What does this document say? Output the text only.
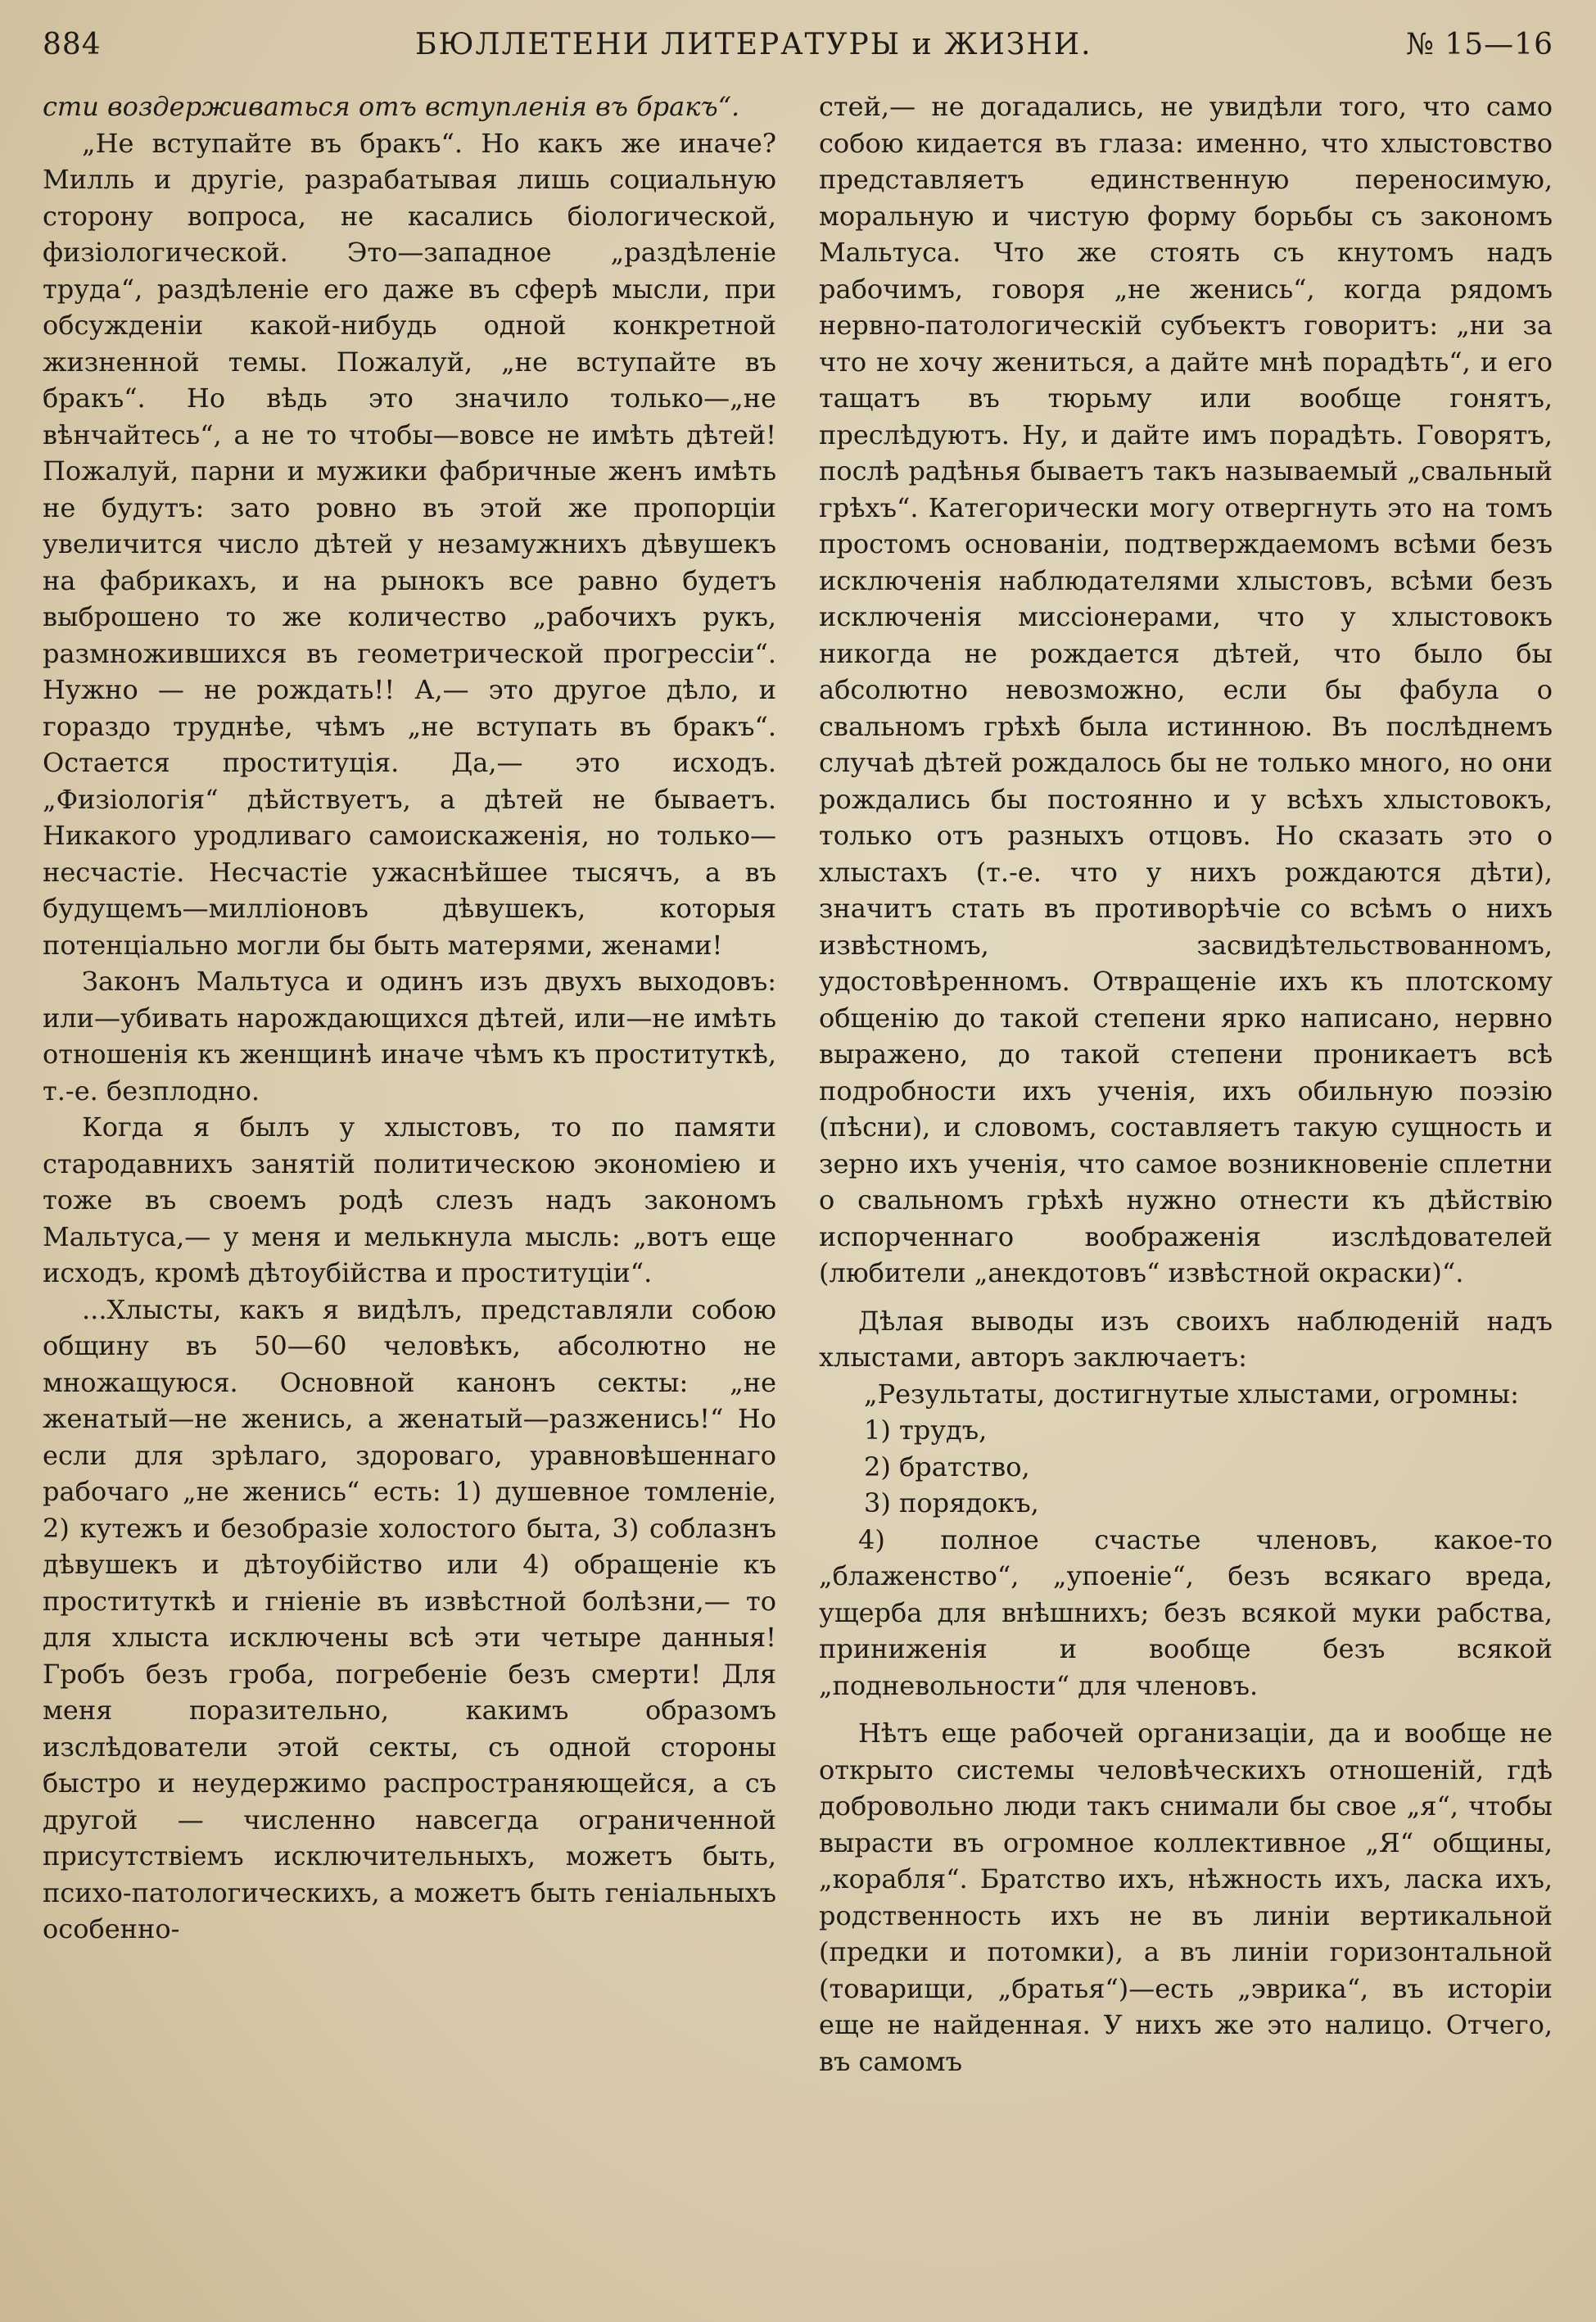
884	БЮЛЛЕТЕНИ ЛИТЕРАТУРЫ и ЖИЗНИ.	№ 15—16

сти воздерживаться отъ вступленія въ бракъ“.

„Не вступайте въ бракъ“. Но какъ же иначе? Милль и другіе, разрабатывая лишь социальную сторону вопроса, не касались біологической, физіологической. Это—западное „раздѣленіе труда“, раздѣленіе его даже въ сферѣ мысли, при обсужденіи какой-нибудь одной конкретной жизненной темы. Пожалуй, „не вступайте въ бракъ“. Но вѣдь это значило только—„не вѣнчайтесь“, а не то чтобы—вовсе не имѣть дѣтей! Пожалуй, парни и мужики фабричные женъ имѣть не будутъ: зато ровно въ этой же пропорціи увеличится число дѣтей у незамужнихъ дѣвушекъ на фабрикахъ, и на рынокъ все равно будетъ выброшено то же количество „рабочихъ рукъ, размножившихся въ геометрической прогрессіи“. Нужно — не рождать!! А,— это другое дѣло, и гораздо труднѣе, чѣмъ „не вступать въ бракъ“. Остается проституція. Да,— это исходъ. „Физіологія“ дѣйствуетъ, а дѣтей не бываетъ. Никакого уродливаго самоискаженія, но только—несчастіе. Несчастіе ужаснѣйшее тысячъ, а въ будущемъ—милліоновъ дѣвушекъ, которыя потенціально могли бы быть матерями, женами!

Законъ Мальтуса и одинъ изъ двухъ выходовъ: или—убивать нарождающихся дѣтей, или—не имѣть отношенія къ женщинѣ иначе чѣмъ къ проституткѣ, т.-е. безплодно.

Когда я былъ у хлыстовъ, то по памяти стародавнихъ занятій политическою экономіею и тоже въ своемъ родѣ слезъ надъ закономъ Мальтуса,— у меня и мелькнула мысль: „вотъ еще исходъ, кромѣ дѣтоубійства и проституціи“.

...Хлысты, какъ я видѣлъ, представляли собою общину въ 50—60 человѣкъ, абсолютно не множащуюся. Основной канонъ секты: „не женатый—не женись, а женатый—разженись!“ Но если для зрѣлаго, здороваго, уравновѣшеннаго рабочаго „не женись“ есть: 1) душевное томленіе, 2) кутежъ и безобразіе холостого быта, 3) соблазнъ дѣвушекъ и дѣтоубійство или 4) обращеніе къ проституткѣ и гніеніе въ извѣстной болѣзни,— то для хлыста исключены всѣ эти четыре данныя! Гробъ безъ гроба, погребеніе безъ смерти! Для меня поразительно, какимъ образомъ изслѣдователи этой секты, съ одной стороны быстро и неудержимо распространяющейся, а съ другой — численно навсегда ограниченной присутствіемъ исключительныхъ, можетъ быть, психо-патологическихъ, а можетъ быть геніальныхъ особенно-

стей,— не догадались, не увидѣли того, что само собою кидается въ глаза: именно, что хлыстовство представляетъ единственную переносимую, моральную и чистую форму борьбы съ закономъ Мальтуса. Что же стоять съ кнутомъ надъ рабочимъ, говоря „не женись“, когда рядомъ нервно-патологическій субъектъ говоритъ: „ни за что не хочу жениться, а дайте мнѣ порадѣть“, и его тащатъ въ тюрьму или вообще гонятъ, преслѣдуютъ. Ну, и дайте имъ порадѣть. Говорятъ, послѣ радѣнья бываетъ такъ называемый „свальный грѣхъ“. Категорически могу отвергнуть это на томъ простомъ основаніи, подтверждаемомъ всѣми безъ исключенія наблюдателями хлыстовъ, всѣми безъ исключенія миссіонерами, что у хлыстовокъ никогда не рождается дѣтей, что было бы абсолютно невозможно, если бы фабула о свальномъ грѣхѣ была истинною. Въ послѣднемъ случаѣ дѣтей рождалось бы не только много, но они рождались бы постоянно и у всѣхъ хлыстовокъ, только отъ разныхъ отцовъ. Но сказать это о хлыстахъ (т.-е. что у нихъ рождаются дѣти), значитъ стать въ противорѣчіе со всѣмъ о нихъ извѣстномъ, засвидѣтельствованномъ, удостовѣренномъ. Отвращеніе ихъ къ плотскому общенію до такой степени ярко написано, нервно выражено, до такой степени проникаетъ всѣ подробности ихъ ученія, ихъ обильную поэзію (пѣсни), и словомъ, составляетъ такую сущность и зерно ихъ ученія, что самое возникновеніе сплетни о свальномъ грѣхѣ нужно отнести къ дѣйствію испорченнаго воображенія изслѣдователей (любители „анекдотовъ“ извѣстной окраски)“.

Дѣлая выводы изъ своихъ наблюденій надъ хлыстами, авторъ заключаетъ:

„Результаты, достигнутые хлыстами, огромны:

1) трудъ,

2) братство,

3) порядокъ,

4) полное счастье членовъ, какое-то „блаженство“, „упоеніе“, безъ всякаго вреда, ущерба для внѣшнихъ; безъ всякой муки рабства, приниженія и вообще безъ всякой „подневольности“ для членовъ.

Нѣтъ еще рабочей организаціи, да и вообще не открыто системы человѣческихъ отношеній, гдѣ добровольно люди такъ снимали бы свое „я“, чтобы вырасти въ огромное коллективное „Я“ общины, „корабля“. Братство ихъ, нѣжность ихъ, ласка ихъ, родственность ихъ не въ линіи вертикальной (предки и потомки), а въ линіи горизонтальной (товарищи, „братья“)—есть „эврика“, въ исторіи еще не найденная. У нихъ же это налицо. Отчего, въ самомъ
